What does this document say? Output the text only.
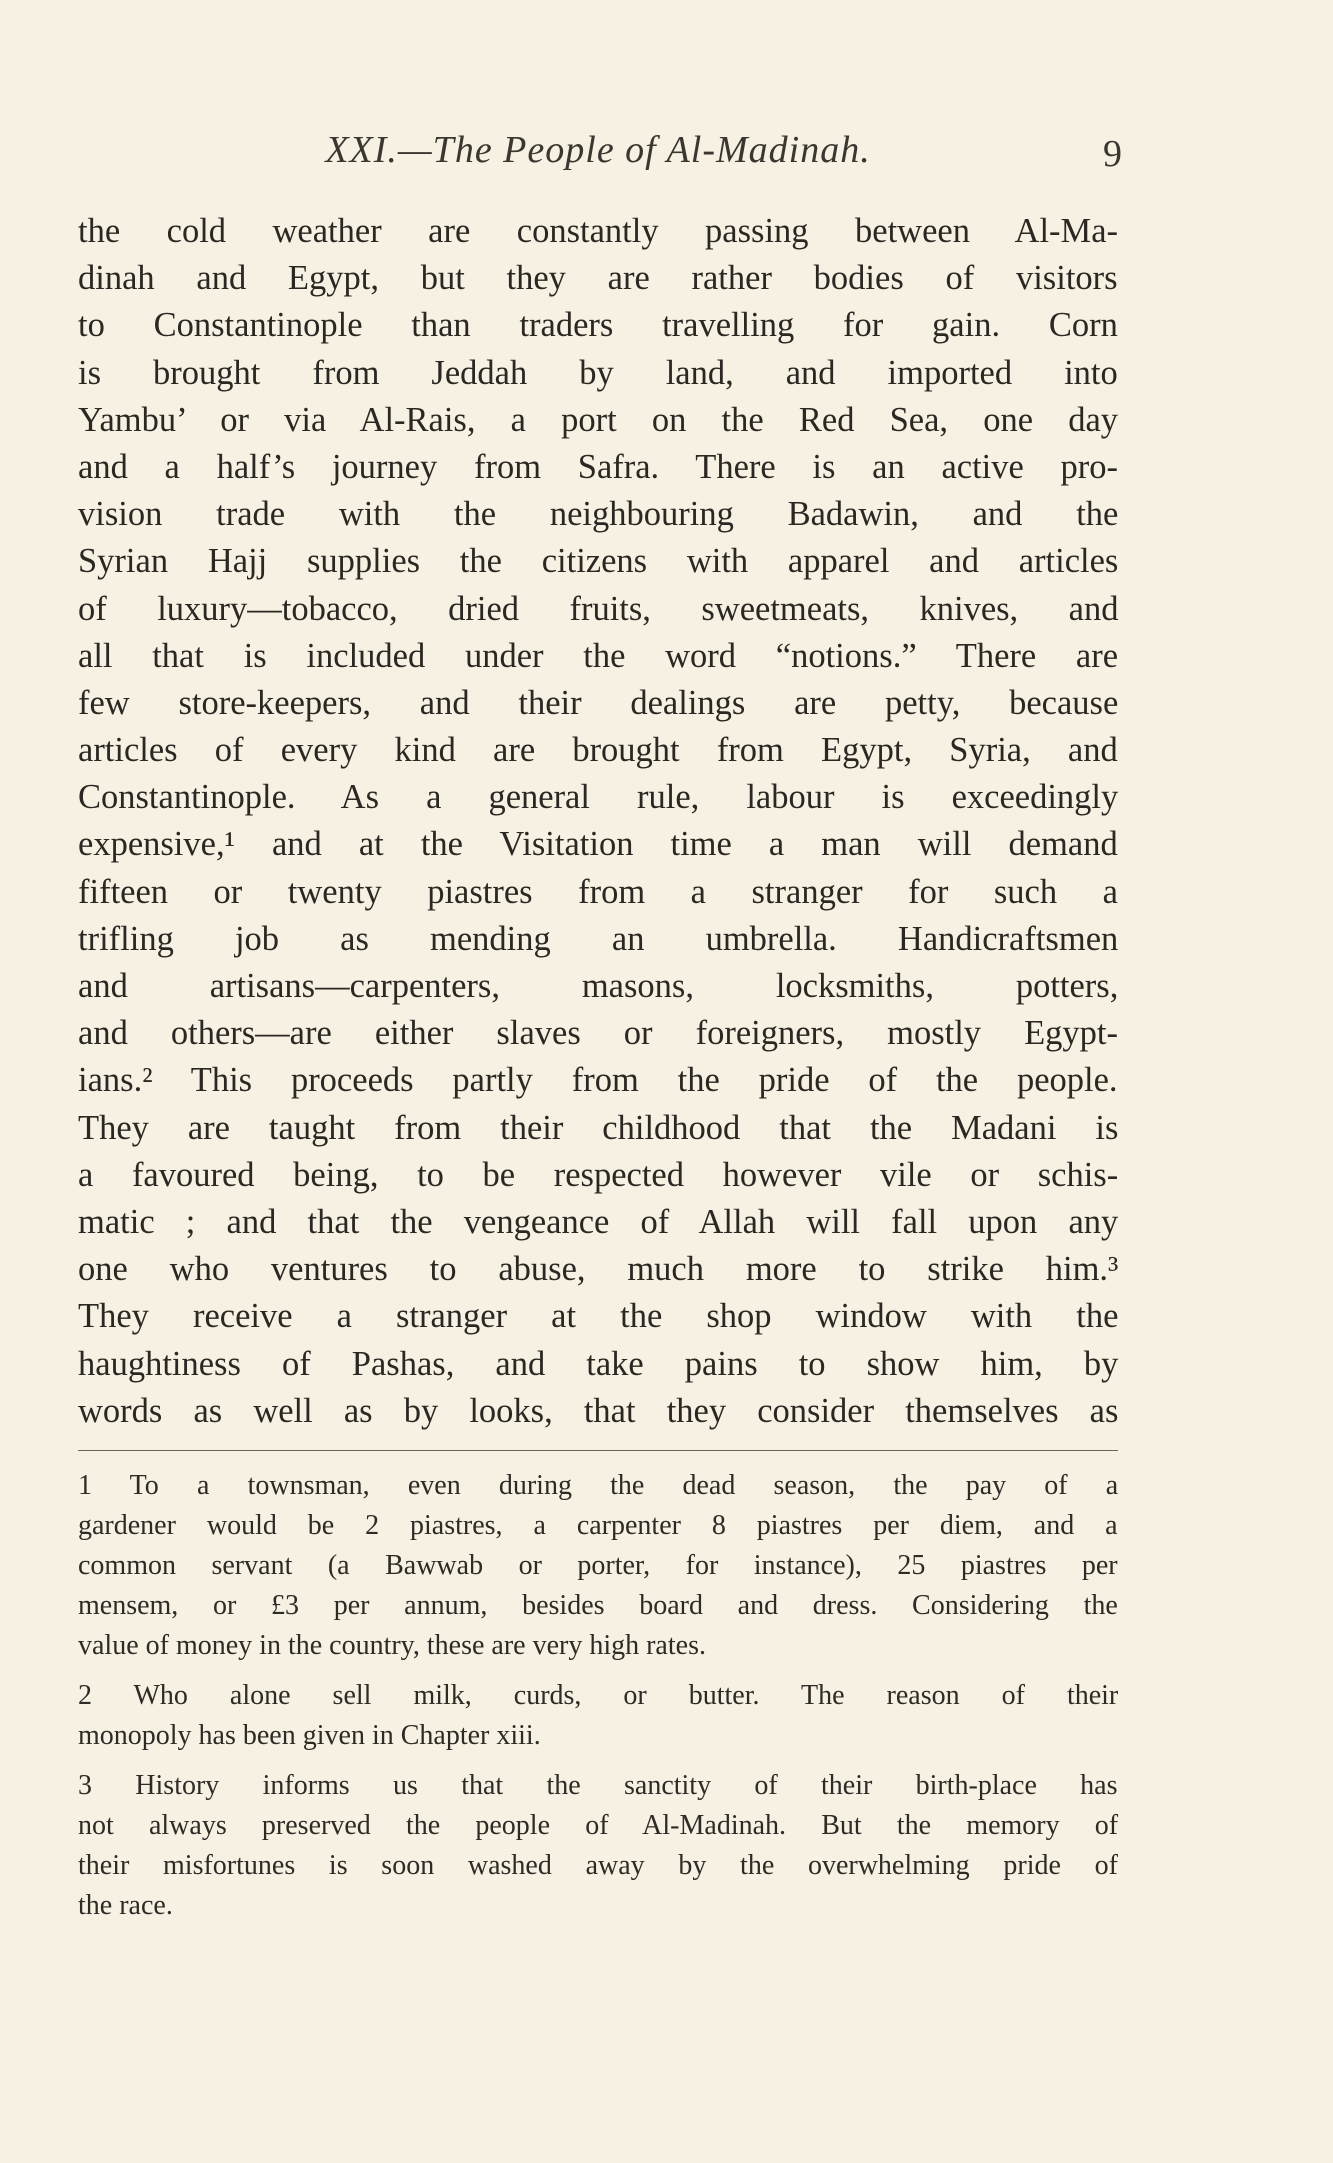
XXI.—The People of Al-Madinah.	9
the cold weather are constantly passing between Al-Ma-
dinah and Egypt, but they are rather bodies of visitors
to Constantinople than traders travelling for gain. Corn
is brought from Jeddah by land, and imported into
Yambu’ or via Al-Rais, a port on the Red Sea, one day
and a half’s journey from Safra. There is an active pro-
vision trade with the neighbouring Badawin, and the
Syrian Hajj supplies the citizens with apparel and articles
of luxury—tobacco, dried fruits, sweetmeats, knives, and
all that is included under the word “notions.” There are
few store-keepers, and their dealings are petty, because
articles of every kind are brought from Egypt, Syria, and
Constantinople. As a general rule, labour is exceedingly
expensive,¹ and at the Visitation time a man will demand
fifteen or twenty piastres from a stranger for such a
trifling job as mending an umbrella. Handicraftsmen
and artisans—carpenters, masons, locksmiths, potters,
and others—are either slaves or foreigners, mostly Egypt-
ians.² This proceeds partly from the pride of the people.
They are taught from their childhood that the Madani is
a favoured being, to be respected however vile or schis-
matic ; and that the vengeance of Allah will fall upon any
one who ventures to abuse, much more to strike him.³
They receive a stranger at the shop window with the
haughtiness of Pashas, and take pains to show him, by
words as well as by looks, that they consider themselves as
1 To a townsman, even during the dead season, the pay of a
gardener would be 2 piastres, a carpenter 8 piastres per diem, and a
common servant (a Bawwab or porter, for instance), 25 piastres per
mensem, or £3 per annum, besides board and dress. Considering the
value of money in the country, these are very high rates.
2 Who alone sell milk, curds, or butter. The reason of their
monopoly has been given in Chapter xiii.
3 History informs us that the sanctity of their birth-place has
not always preserved the people of Al-Madinah. But the memory of
their misfortunes is soon washed away by the overwhelming pride of
the race.
